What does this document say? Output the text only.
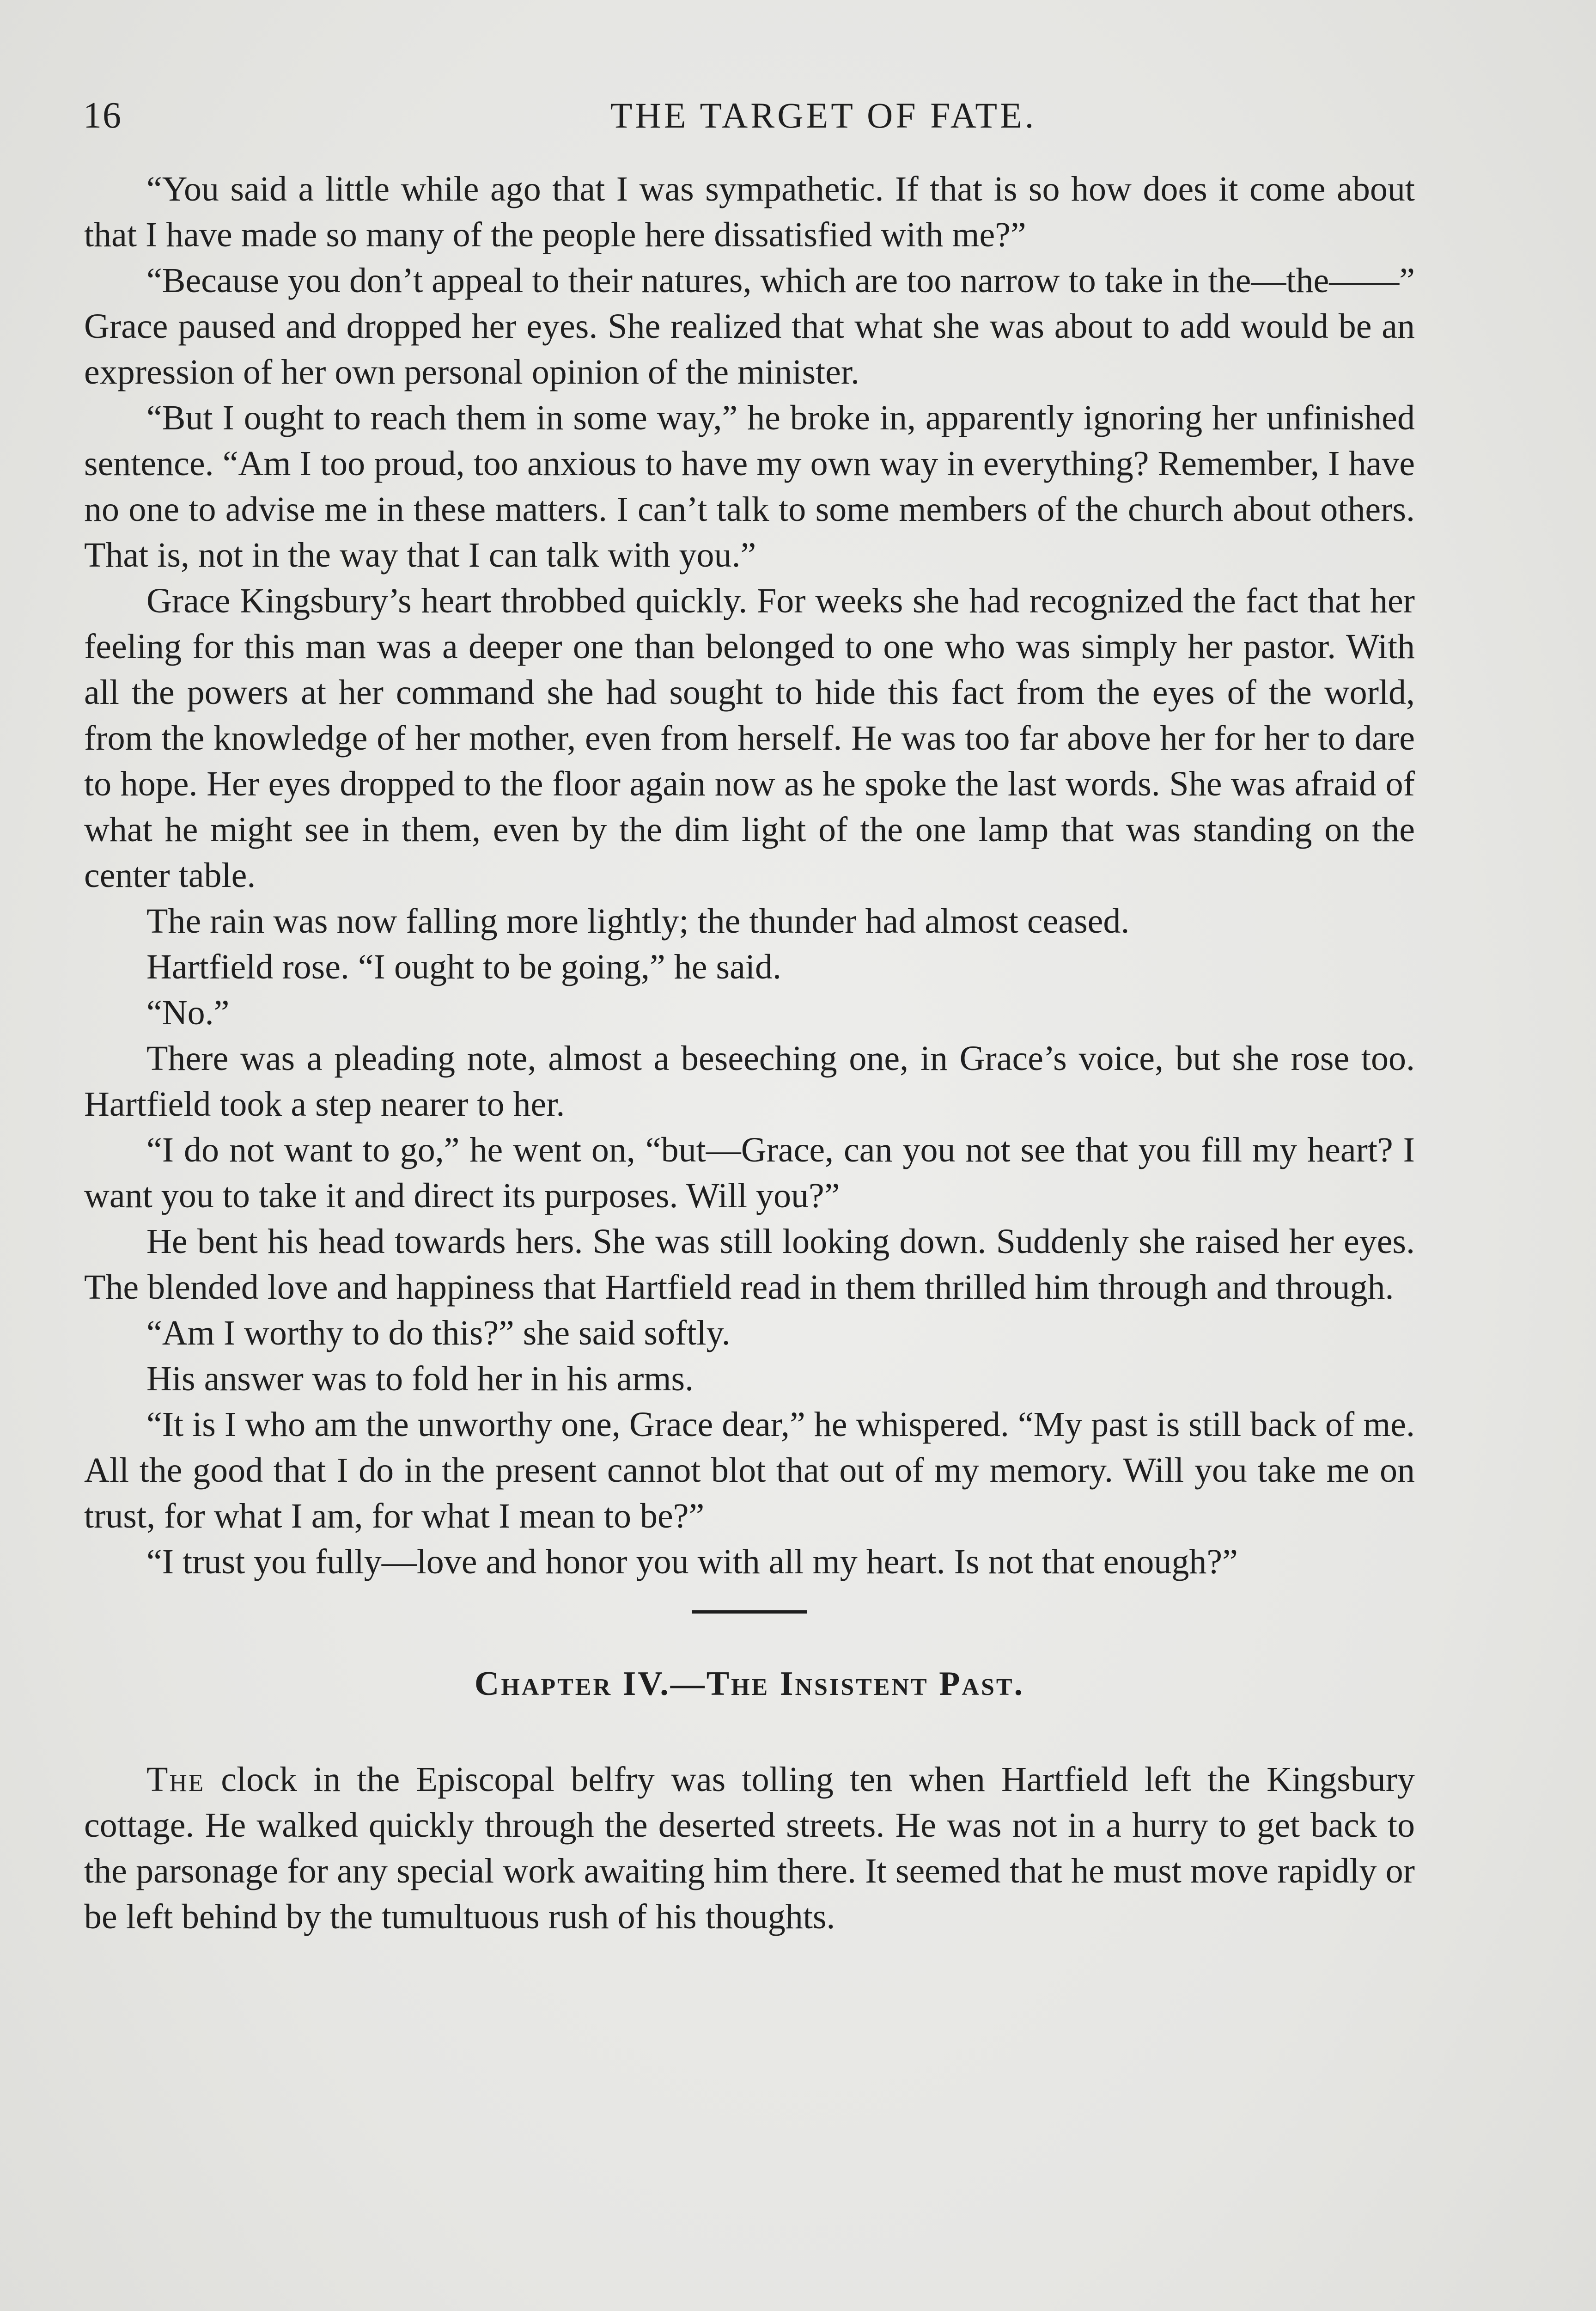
16	THE TARGET OF FATE.

“You said a little while ago that I was sympathetic. If that is so how does it come about that I have made so many of the people here dissatisfied with me?”

“Because you don’t appeal to their natures, which are too narrow to take in the—the——” Grace paused and dropped her eyes. She realized that what she was about to add would be an expression of her own personal opinion of the minister.

“But I ought to reach them in some way,” he broke in, apparently ignoring her unfinished sentence. “Am I too proud, too anxious to have my own way in everything? Remember, I have no one to advise me in these matters. I can’t talk to some members of the church about others. That is, not in the way that I can talk with you.”

Grace Kingsbury’s heart throbbed quickly. For weeks she had recognized the fact that her feeling for this man was a deeper one than belonged to one who was simply her pastor. With all the powers at her command she had sought to hide this fact from the eyes of the world, from the knowledge of her mother, even from herself. He was too far above her for her to dare to hope. Her eyes dropped to the floor again now as he spoke the last words. She was afraid of what he might see in them, even by the dim light of the one lamp that was standing on the center table.

The rain was now falling more lightly; the thunder had almost ceased.

Hartfield rose. “I ought to be going,” he said.

“No.”

There was a pleading note, almost a beseeching one, in Grace’s voice, but she rose too. Hartfield took a step nearer to her.

“I do not want to go,” he went on, “but—Grace, can you not see that you fill my heart? I want you to take it and direct its purposes. Will you?”

He bent his head towards hers. She was still looking down. Suddenly she raised her eyes. The blended love and happiness that Hartfield read in them thrilled him through and through.

“Am I worthy to do this?” she said softly.

His answer was to fold her in his arms.

“It is I who am the unworthy one, Grace dear,” he whispered. “My past is still back of me. All the good that I do in the present cannot blot that out of my memory. Will you take me on trust, for what I am, for what I mean to be?”

“I trust you fully—love and honor you with all my heart. Is not that enough?”

Chapter IV.—The Insistent Past.

The clock in the Episcopal belfry was tolling ten when Hartfield left the Kingsbury cottage. He walked quickly through the deserted streets. He was not in a hurry to get back to the parsonage for any special work awaiting him there. It seemed that he must move rapidly or be left behind by the tumultuous rush of his thoughts.
